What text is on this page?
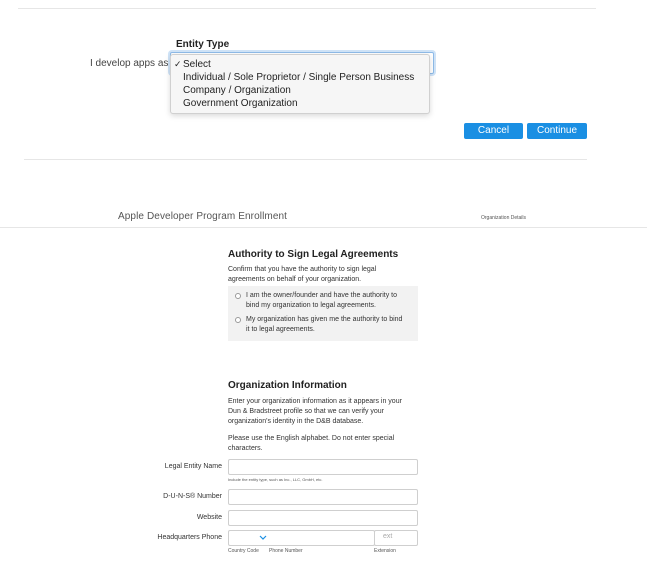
Entity Type
I develop apps as ✓ Select
Individual / Sole Proprietor / Single Person Business
Company / Organization
Government Organization
Cancel	Continue
Apple Developer Program Enrollment	Organization Details
Authority to Sign Legal Agreements
Confirm that you have the authority to sign legal
agreements on behalf of your organization.
I am the owner/founder and have the authority to
bind my organization to legal agreements.
My organization has given me the authority to bind
it to legal agreements.
Organization Information
Enter your organization information as it appears in your
Dun & Bradstreet profile so that we can verify your
organization's identity in the D&B database.
Please use the English alphabet. Do not enter special
characters.
Legal Entity Name
Include the entity type, such as Inc., LLC, GmbH, etc.
D-U-N-S® Number
Website
Headquarters Phone	ext
Country Code Phone Number	Extension
